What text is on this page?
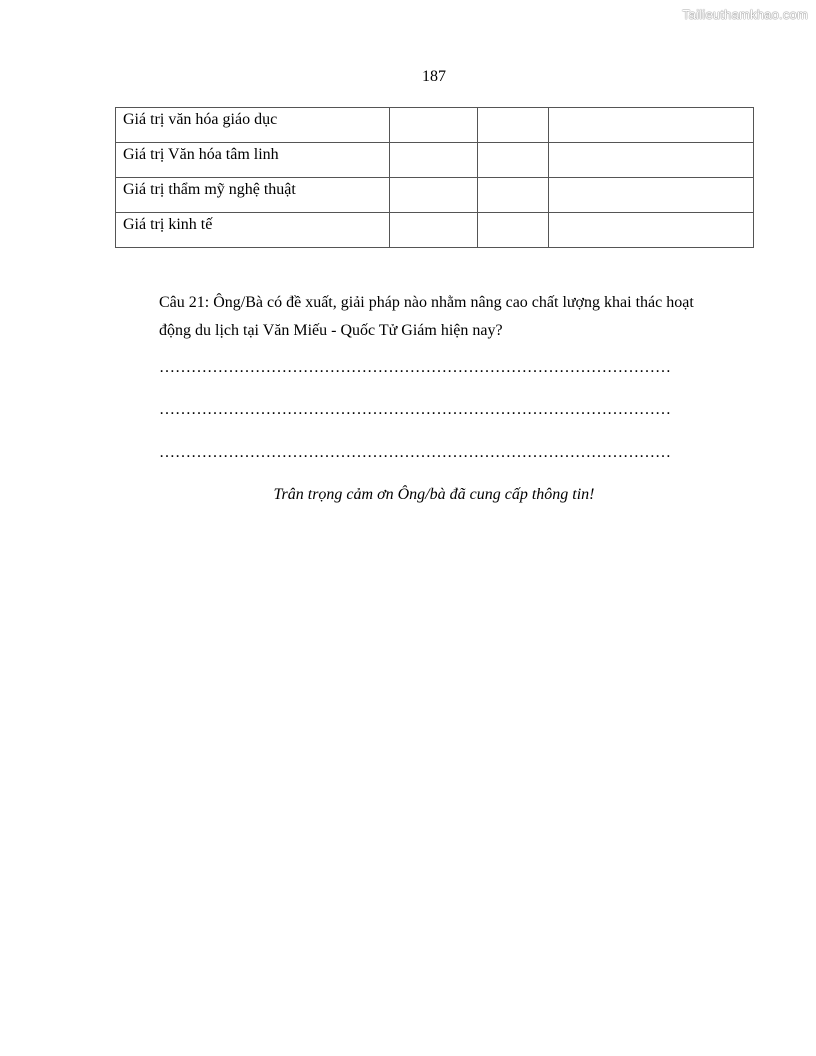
Tailieuthamkhao.com
187
Giá trị văn hóa giáo dục			
Giá trị Văn hóa tâm linh			
Giá trị thẩm mỹ nghệ thuật			
Giá trị kinh tế			
Câu 21: Ông/Bà có đề xuất, giải pháp nào nhằm nâng cao chất lượng khai thác hoạt động du lịch tại Văn Miếu - Quốc Tử Giám hiện nay?
……………………………………………………………………………………
……………………………………………………………………………………
……………………………………………………………………………………
Trân trọng cảm ơn Ông/bà đã cung cấp thông tin!
